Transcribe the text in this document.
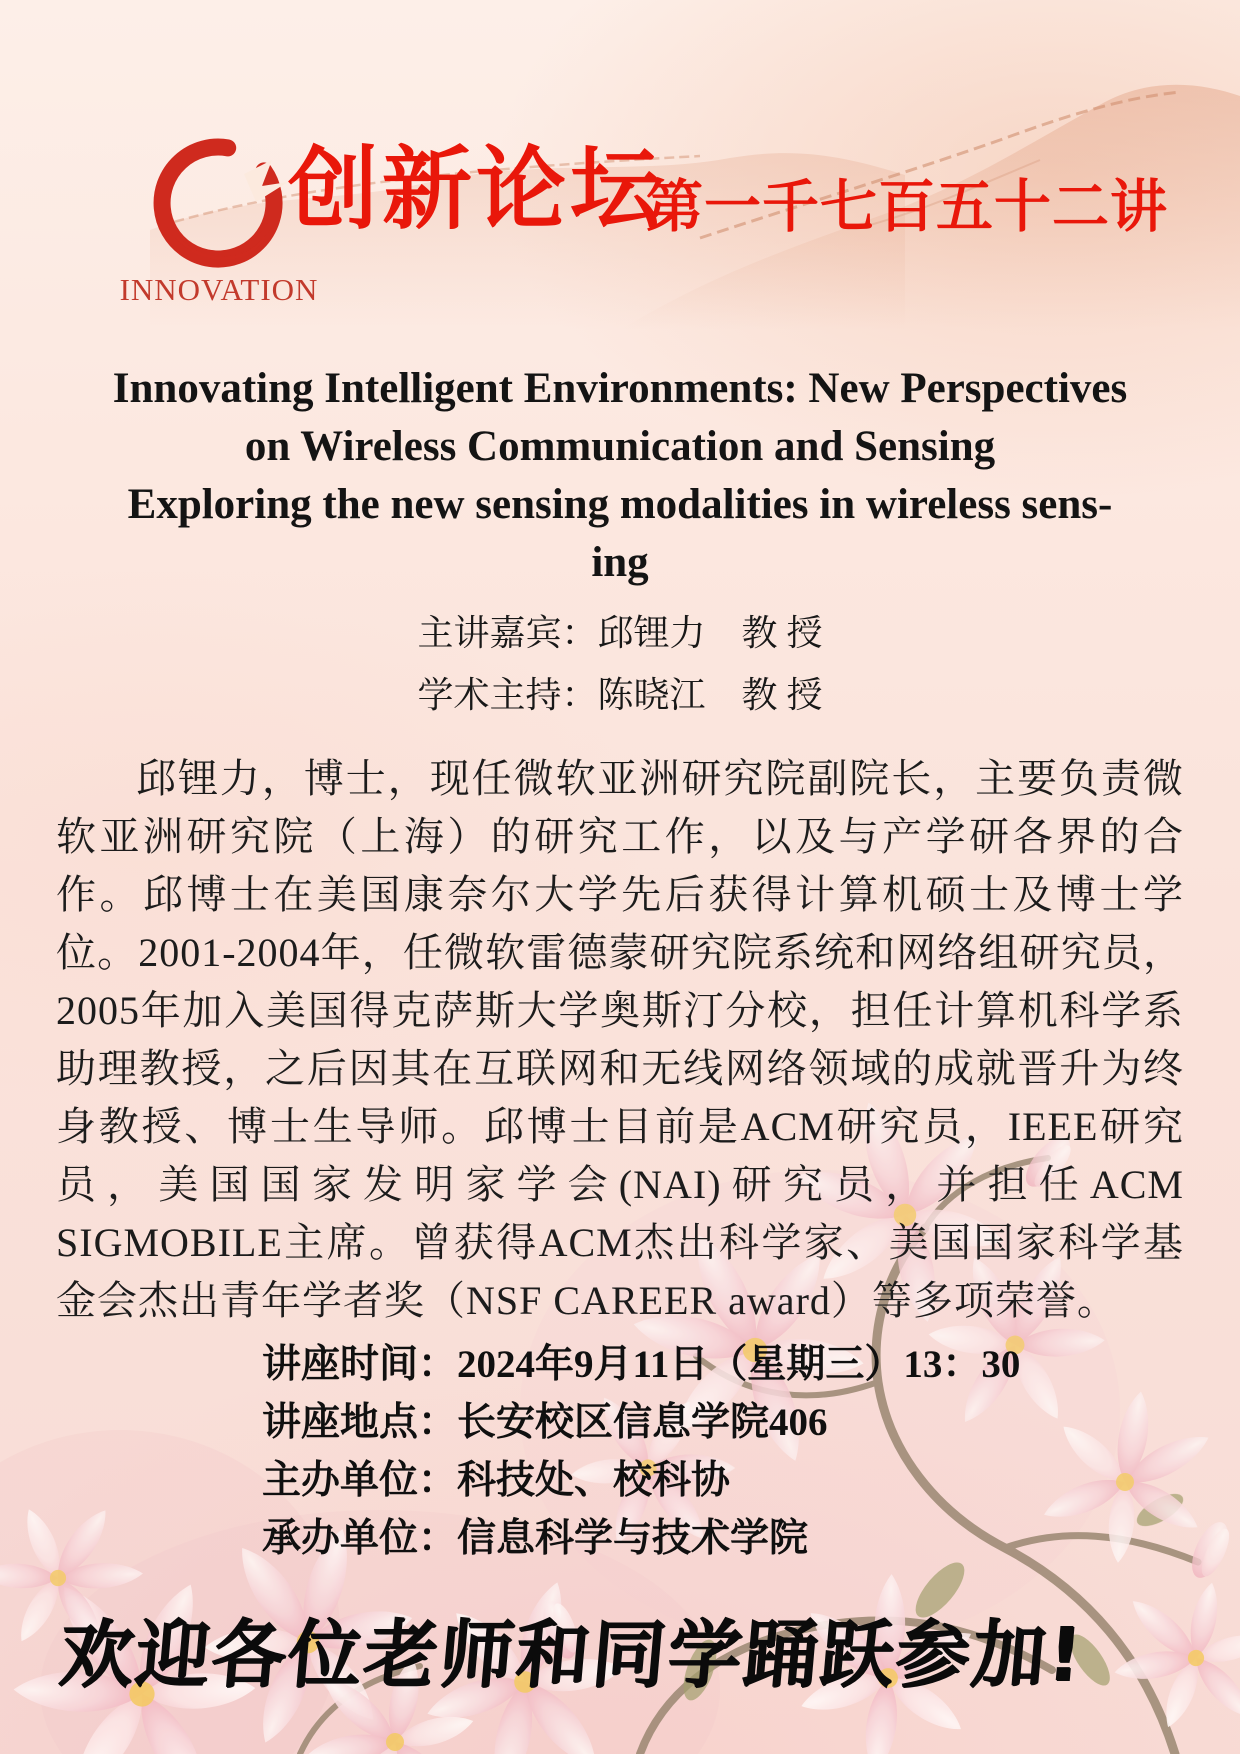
INNOVATION
创新论坛
第一千七百五十二讲
Innovating Intelligent Environments: New Perspectives
on Wireless Communication and Sensing
Exploring the new sensing modalities in wireless sens-
ing
主讲嘉宾：邱锂力　教 授
学术主持：陈晓江　教 授

邱锂力，博士，现任微软亚洲研究院副院长，主要负责微软亚洲研究院（上海）的研究工作，以及与产学研各界的合作。邱博士在美国康奈尔大学先后获得计算机硕士及博士学位。2001-2004年，任微软雷德蒙研究院系统和网络组研究员，2005年加入美国得克萨斯大学奥斯汀分校，担任计算机科学系助理教授，之后因其在互联网和无线网络领域的成就晋升为终身教授、博士生导师。邱博士目前是ACM研究员，IEEE研究员，美国国家发明家学会(NAI)研究员，并担任ACM SIGMOBILE主席。曾获得ACM杰出科学家、美国国家科学基金会杰出青年学者奖（NSF CAREER award）等多项荣誉。

讲座时间：2024年9月11日（星期三）13：30
讲座地点：长安校区信息学院406
主办单位：科技处、校科协
承办单位：信息科学与技术学院
欢迎各位老师和同学踊跃参加!
